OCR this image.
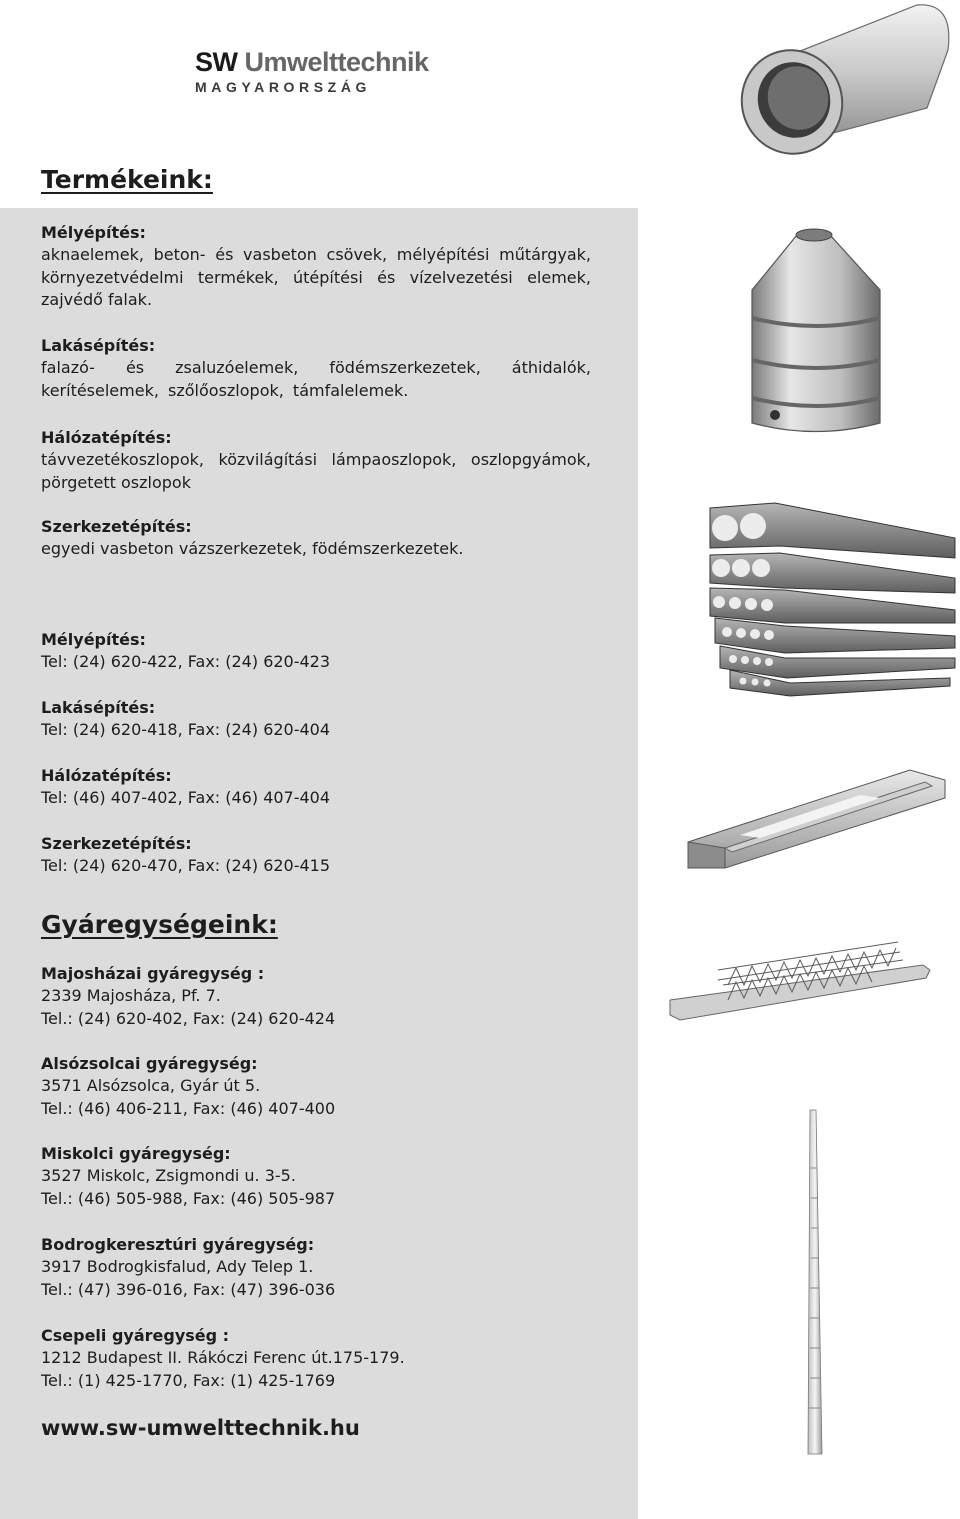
SW Umwelttechnik
MAGYARORSZÁG
Termékeink:
Mélyépítés:
aknaelemek, beton- és vasbeton csövek, mélyépítési műtárgyak, környezetvédelmi termékek, útépítési és vízelvezetési elemek, zajvédő falak.
Lakásépítés:
falazó- és zsaluzóelemek, födémszerkezetek, áthidalók, kerítéselemek, szőlőoszlopok, támfalelemek.
Hálózatépítés:
távvezetékoszlopok, közvilágítási lámpaoszlopok, oszlopgyámok, pörgetett oszlopok
Szerkezetépítés:
egyedi vasbeton vázszerkezetek, födémszerkezetek.
Mélyépítés:
Tel: (24) 620-422, Fax: (24) 620-423
Lakásépítés:
Tel: (24) 620-418, Fax: (24) 620-404
Hálózatépítés:
Tel: (46) 407-402, Fax: (46) 407-404
Szerkezetépítés:
Tel: (24) 620-470, Fax: (24) 620-415
Gyáregységeink:
Majosházai gyáregység :
2339 Majosháza, Pf. 7.
Tel.: (24) 620-402, Fax: (24) 620-424
Alsózsolcai gyáregység:
3571 Alsózsolca, Gyár út 5.
Tel.: (46) 406-211, Fax: (46) 407-400
Miskolci gyáregység:
3527 Miskolc, Zsigmondi u. 3-5.
Tel.: (46) 505-988, Fax: (46) 505-987
Bodrogkeresztúri gyáregység:
3917 Bodrogkisfalud, Ady Telep 1.
Tel.: (47) 396-016, Fax: (47) 396-036
Csepeli gyáregység :
1212 Budapest II. Rákóczi Ferenc út.175-179.
Tel.: (1) 425-1770, Fax: (1) 425-1769
www.sw-umwelttechnik.hu
